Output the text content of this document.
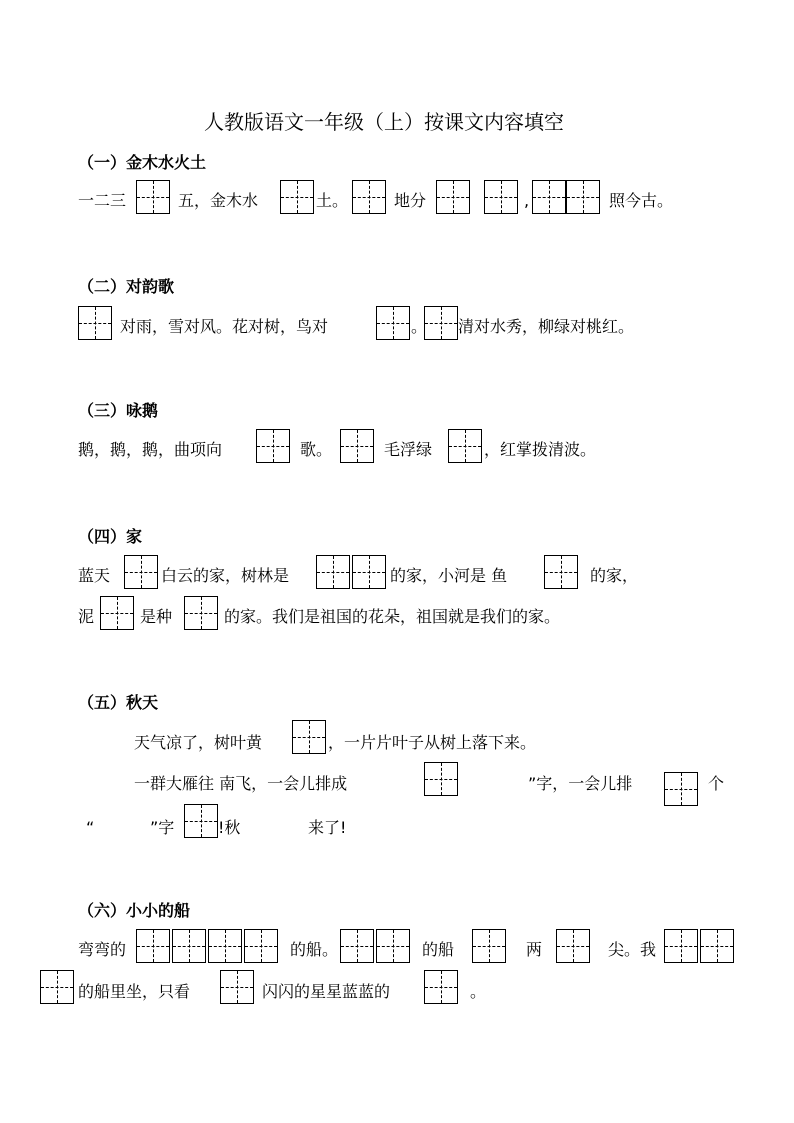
人教版语文一年级（上）按课文内容填空
（一）金木水火土
一二三	五，金木水	土。	地分	,	照今古。
（二）对韵歌
对雨，雪对风。花对树，鸟对	。 清对水秀，柳绿对桃红。
（三）咏鹅
鹅，鹅，鹅，曲项向	歌。	毛浮绿	，红掌拨清波。
（四）家
蓝天	白云的家，树林是	的家，小河是 鱼	的家，
泥	是种	的家。我们是祖国的花朵，祖国就是我们的家。
（五）秋天
天气凉了，树叶黄	，一片片叶子从树上落下来。
一群大雁往 南飞，一会儿排成	”字，一会儿排	个
“	”字	!秋	来了!
（六）小小的船
弯弯的	的船。	的船	两	尖。我
的船里坐，只看	闪闪的星星蓝蓝的	。
